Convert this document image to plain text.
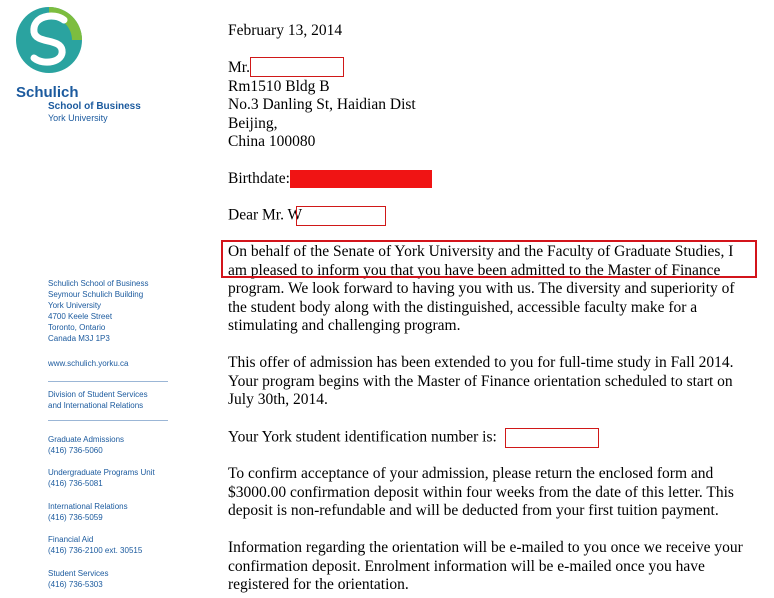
Schulich

School of Business

York University

Schulich School of Business
Seymour Schulich Building
York University
4700 Keele Street
Toronto, Ontario
Canada M3J 1P3
www.schulich.yorku.ca
Division of Student Services
and International Relations
Graduate Admissions
(416) 736-5060
Undergraduate Programs Unit
(416) 736-5081
International Relations
(416) 736-5059
Financial Aid
(416) 736-2100 ext. 30515
Student Services
(416) 736-5303
February 13, 2014
Mr.
Rm1510 Bldg B
No.3 Danling St, Haidian Dist
Beijing,
China 100080
Birthdate:
Dear Mr. W
On behalf of the Senate of York University and the Faculty of Graduate Studies, I
am pleased to inform you that you have been admitted to the Master of Finance
program. We look forward to having you with us. The diversity and superiority of
the student body along with the distinguished, accessible faculty make for a
stimulating and challenging program.
This offer of admission has been extended to you for full-time study in Fall 2014.
Your program begins with the Master of Finance orientation scheduled to start on
July 30th, 2014.
Your York student identification number is:
To confirm acceptance of your admission, please return the enclosed form and
$3000.00 confirmation deposit within four weeks from the date of this letter. This
deposit is non-refundable and will be deducted from your first tuition payment.
Information regarding the orientation will be e-mailed to you once we receive your
confirmation deposit. Enrolment information will be e-mailed once you have
registered for the orientation.
